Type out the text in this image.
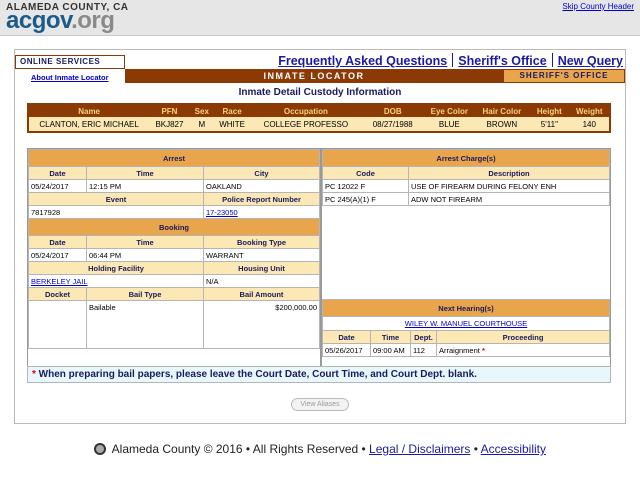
ALAMEDA COUNTY, CA
acgov.org
Skip County Header
ONLINE SERVICES
About Inmate Locator
Frequently Asked Questions Sheriff's Office New Query
INMATE LOCATOR	SHERIFF'S OFFICE
Inmate Detail Custody Information
Name	PFN	Sex	Race	Occupation	DOB	Eye Color	Hair Color	Height	Weight
CLANTON, ERIC MICHAEL	BKJ827	M	WHITE	COLLEGE PROFESSO	08/27/1988	BLUE	BROWN	5'11"	140
Arrest		
Date	Time	City
05/24/2017	12:15 PM	OAKLAND
Event		Police Report Number
7817928		17-23050
Booking		
Date	Time	Booking Type
05/24/2017	06:44 PM	WARRANT
Holding Facility		Housing Unit
BERKELEY JAIL		N/A
Docket	Bail Type	Bail Amount
	Bailable	$200,000.00
Arrest Charge(s)	
Code	Description
PC 12022 F	USE OF FIREARM DURING FELONY ENH
PC 245(A)(1) F	ADW NOT FIREARM
Next Hearing(s)			
WILEY W. MANUEL COURTHOUSE			
Date	Time	Dept.	Proceeding
05/26/2017	09:00 AM	112	Arraignment *
* When preparing bail papers, please leave the Court Date, Court Time, and Court Dept. blank.
View Aliases
Alameda County © 2016 • All Rights Reserved • Legal / Disclaimers • Accessibility
